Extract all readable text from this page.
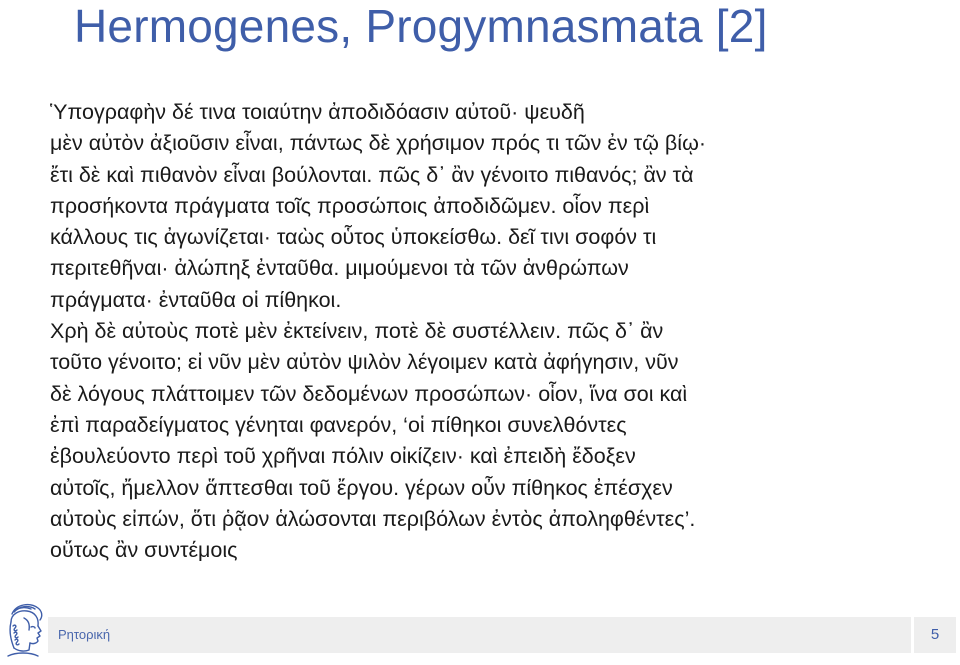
Hermogenes, Progymnasmata [2]
Ὑπογραφὴν δέ τινα τοιαύτην ἀποδιδόασιν αὐτοῦ· ψευδῆ
μὲν αὐτὸν ἀξιοῦσιν εἶναι, πάντως δὲ χρήσιμον πρός τι τῶν ἐν τῷ βίῳ·
ἔτι δὲ καὶ πιθανὸν εἶναι βούλονται. πῶς δ᾽ ἂν γένοιτο πιθανός; ἂν τὰ
προσήκοντα πράγματα τοῖς προσώποις ἀποδιδῶμεν. οἷον περὶ
κάλλους τις ἀγωνίζεται· ταὼς οὗτος ὑποκείσθω. δεῖ τινι σοφόν τι
περιτεθῆναι· ἀλώπηξ ἐνταῦθα. μιμούμενοι τὰ τῶν ἀνθρώπων
πράγματα· ἐνταῦθα οἱ πίθηκοι.
Χρὴ δὲ αὐτοὺς ποτὲ μὲν ἐκτείνειν, ποτὲ δὲ συστέλλειν. πῶς δ᾽ ἂν
τοῦτο γένοιτο; εἰ νῦν μὲν αὐτὸν ψιλὸν λέγοιμεν κατὰ ἀφήγησιν, νῦν
δὲ λόγους πλάττοιμεν τῶν δεδομένων προσώπων· οἷον, ἵνα σοι καὶ
ἐπὶ παραδείγματος γένηται φανερόν, ‘οἱ πίθηκοι συνελθόντες
ἐβουλεύοντο περὶ τοῦ χρῆναι πόλιν οἰκίζειν· καὶ ἐπειδὴ ἔδοξεν
αὐτοῖς, ἤμελλον ἅπτεσθαι τοῦ ἔργου. γέρων οὖν πίθηκος ἐπέσχεν
αὐτοὺς εἰπών, ὅτι ῥᾷον ἁλώσονται περιβόλων ἐντὸς ἀποληφθέντες’.
οὕτως ἂν συντέμοις
Ρητορική	5
